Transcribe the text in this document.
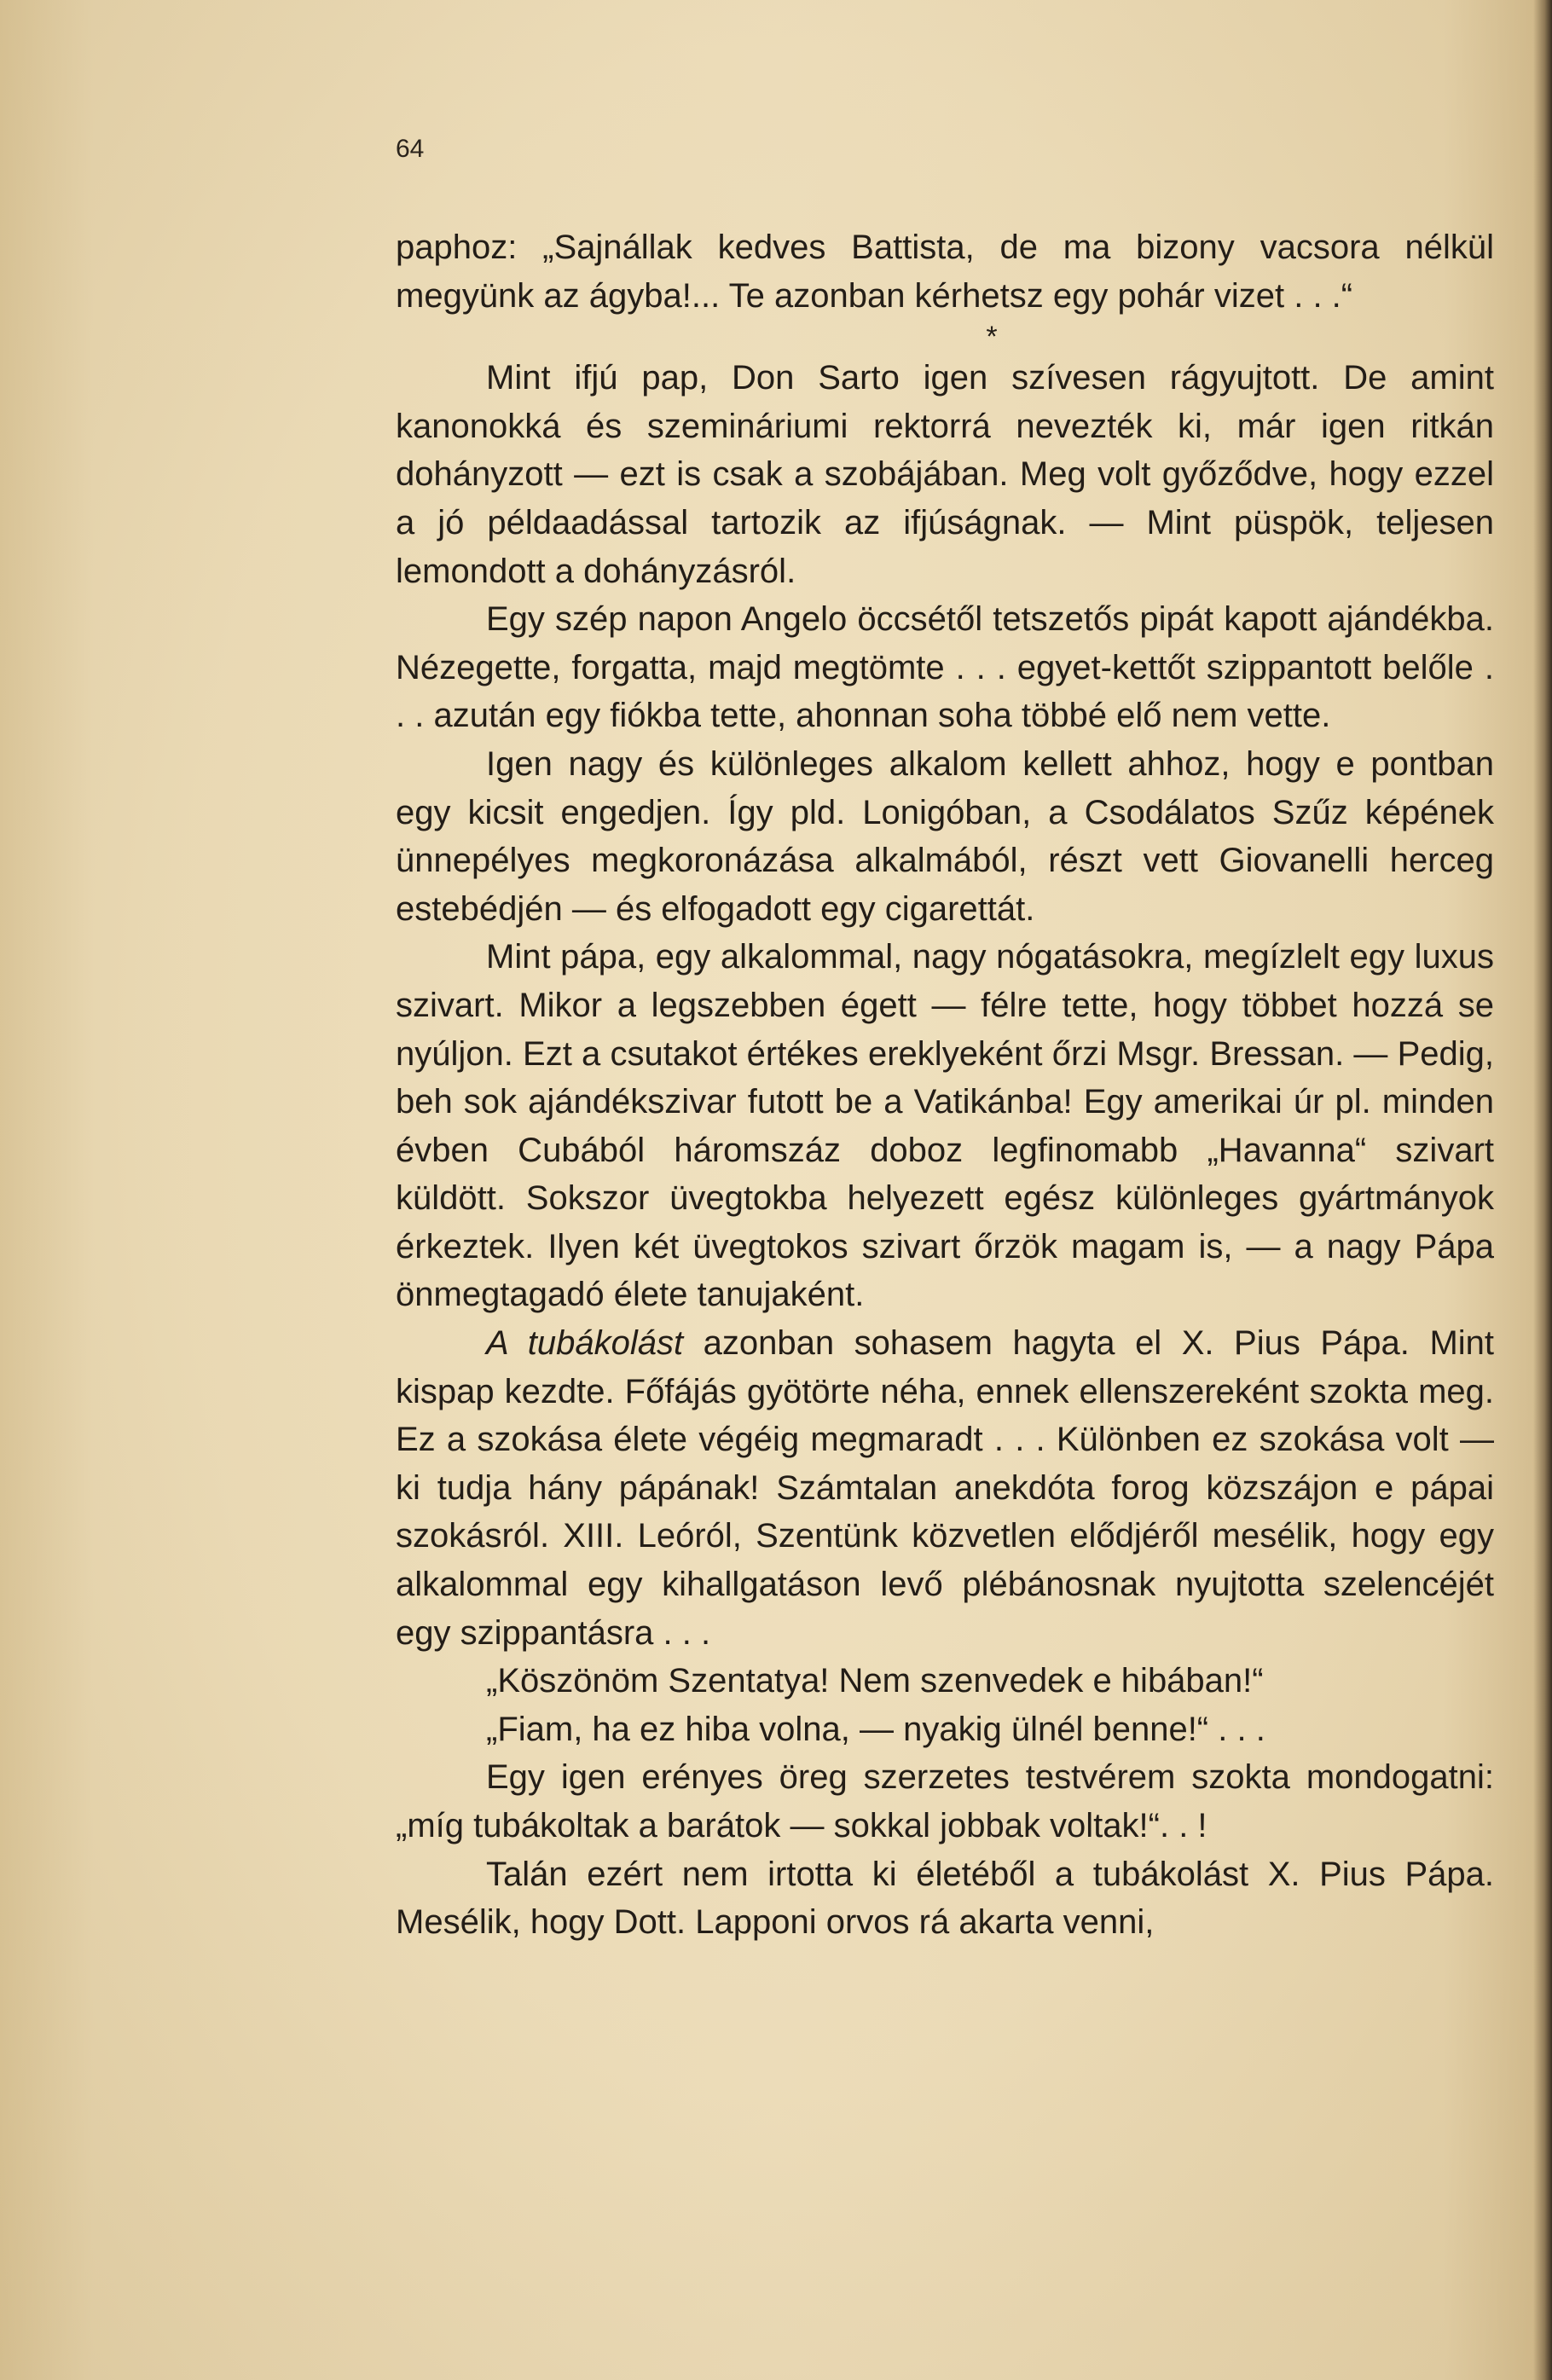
64

paphoz: „Sajnállak kedves Battista, de ma bizony vacsora nélkül megyünk az ágyba!... Te azonban kérhetsz egy pohár vizet . . .“

*

Mint ifjú pap, Don Sarto igen szívesen rágyujtott. De amint kanonokká és szemináriumi rektorrá nevezték ki, már igen ritkán dohányzott — ezt is csak a szobájában. Meg volt győződve, hogy ezzel a jó példaadással tartozik az ifjúságnak. — Mint püspök, teljesen lemondott a dohányzásról.

Egy szép napon Angelo öccsétől tetszetős pipát kapott ajándékba. Nézegette, forgatta, majd megtömte . . . egyet-kettőt szippantott belőle . . . azután egy fiókba tette, ahonnan soha többé elő nem vette.

Igen nagy és különleges alkalom kellett ahhoz, hogy e pontban egy kicsit engedjen. Így pld. Lonigóban, a Csodálatos Szűz képének ünnepélyes megkoronázása alkalmából, részt vett Giovanelli herceg estebédjén — és elfogadott egy cigarettát.

Mint pápa, egy alkalommal, nagy nógatásokra, megízlelt egy luxus szivart. Mikor a legszebben égett — félre tette, hogy többet hozzá se nyúljon. Ezt a csutakot értékes ereklyeként őrzi Msgr. Bressan. — Pedig, beh sok ajándékszivar futott be a Vatikánba! Egy amerikai úr pl. minden évben Cubából háromszáz doboz legfinomabb „Havanna“ szivart küldött. Sokszor üvegtokba helyezett egész különleges gyártmányok érkeztek. Ilyen két üvegtokos szivart őrzök magam is, — a nagy Pápa önmegtagadó élete tanujaként.

A tubákolást azonban sohasem hagyta el X. Pius Pápa. Mint kispap kezdte. Főfájás gyötörte néha, ennek ellenszereként szokta meg. Ez a szokása élete végéig megmaradt . . . Különben ez szokása volt — ki tudja hány pápának! Számtalan anekdóta forog közszájon e pápai szokásról. XIII. Leóról, Szentünk közvetlen elődjéről mesélik, hogy egy alkalommal egy kihallgatáson levő plébánosnak nyujtotta szelencéjét egy szippantásra . . .

„Köszönöm Szentatya! Nem szenvedek e hibában!“

„Fiam, ha ez hiba volna, — nyakig ülnél benne!“ . . .

Egy igen erényes öreg szerzetes testvérem szokta mondogatni: „míg tubákoltak a barátok — sokkal jobbak voltak!“. . !

Talán ezért nem irtotta ki életéből a tubákolást X. Pius Pápa. Mesélik, hogy Dott. Lapponi orvos rá akarta venni,
